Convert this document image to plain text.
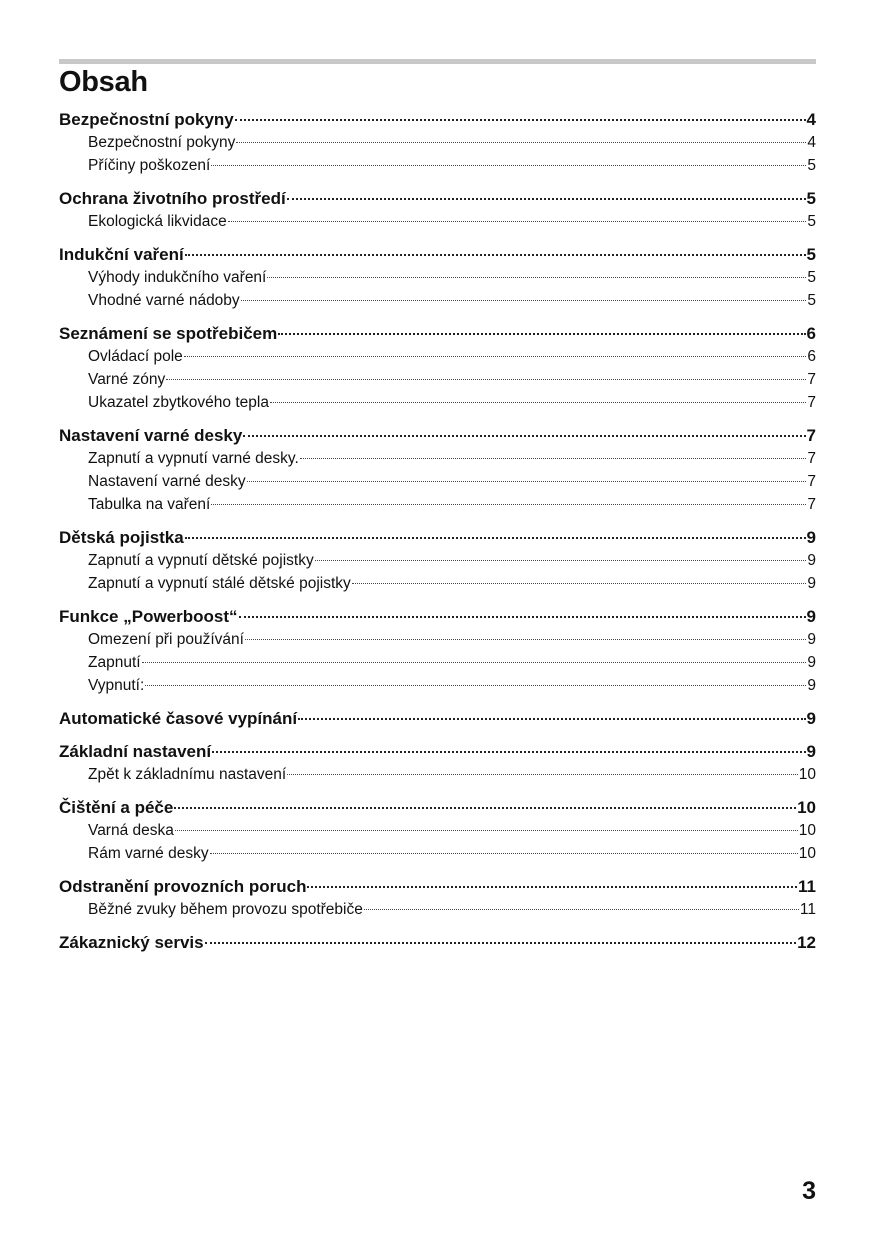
Obsah
Bezpečnostní pokyny	4
Bezpečnostní pokyny	4
Příčiny poškození	5
Ochrana životního prostředí	5
Ekologická likvidace	5
Indukční vaření	5
Výhody indukčního vaření	5
Vhodné varné nádoby	5
Seznámení se spotřebičem	6
Ovládací pole	6
Varné zóny	7
Ukazatel zbytkového tepla	7
Nastavení varné desky	7
Zapnutí a vypnutí varné desky.	7
Nastavení varné desky	7
Tabulka na vaření	7
Dětská pojistka	9
Zapnutí a vypnutí dětské pojistky	9
Zapnutí a vypnutí stálé dětské pojistky	9
Funkce „Powerboost“	9
Omezení při používání	9
Zapnutí	9
Vypnutí:	9
Automatické časové vypínání	9
Základní nastavení	9
Zpět k základnímu nastavení	10
Čištění a péče	10
Varná deska	10
Rám varné desky	10
Odstranění provozních poruch	11
Běžné zvuky během provozu spotřebiče	11
Zákaznický servis	12

3
